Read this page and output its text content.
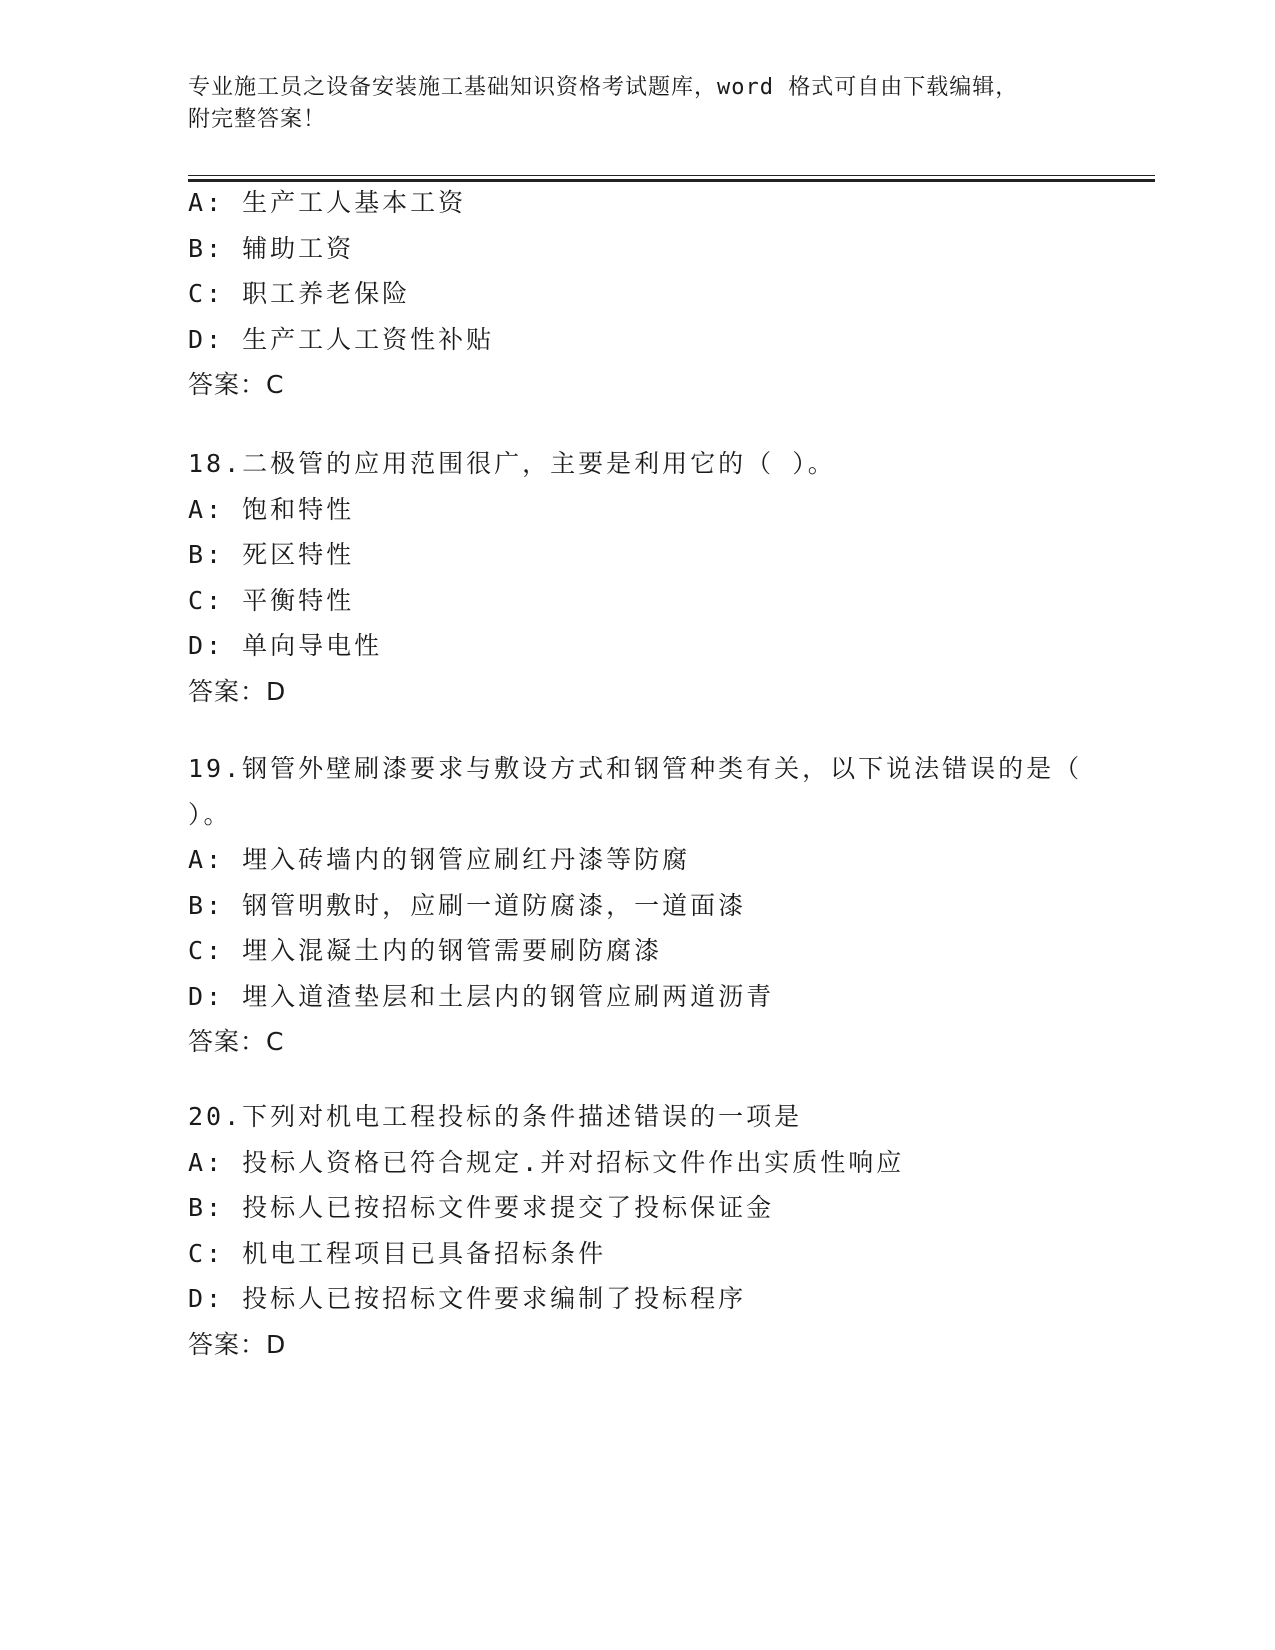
专业施工员之设备安装施工基础知识资格考试题库，word 格式可自由下载编辑，
附完整答案！
A: 生产工人基本工资
B: 辅助工资
C: 职工养老保险
D: 生产工人工资性补贴
答案：C
18.二极管的应用范围很广，主要是利用它的（ ）。
A: 饱和特性
B: 死区特性
C: 平衡特性
D: 单向导电性
答案：D
19.钢管外壁刷漆要求与敷设方式和钢管种类有关，以下说法错误的是（ ）。
A: 埋入砖墙内的钢管应刷红丹漆等防腐
B: 钢管明敷时，应刷一道防腐漆，一道面漆
C: 埋入混凝土内的钢管需要刷防腐漆
D: 埋入道渣垫层和土层内的钢管应刷两道沥青
答案：C
20.下列对机电工程投标的条件描述错误的一项是
A: 投标人资格已符合规定.并对招标文件作出实质性响应
B: 投标人已按招标文件要求提交了投标保证金
C: 机电工程项目已具备招标条件
D: 投标人已按招标文件要求编制了投标程序
答案：D
